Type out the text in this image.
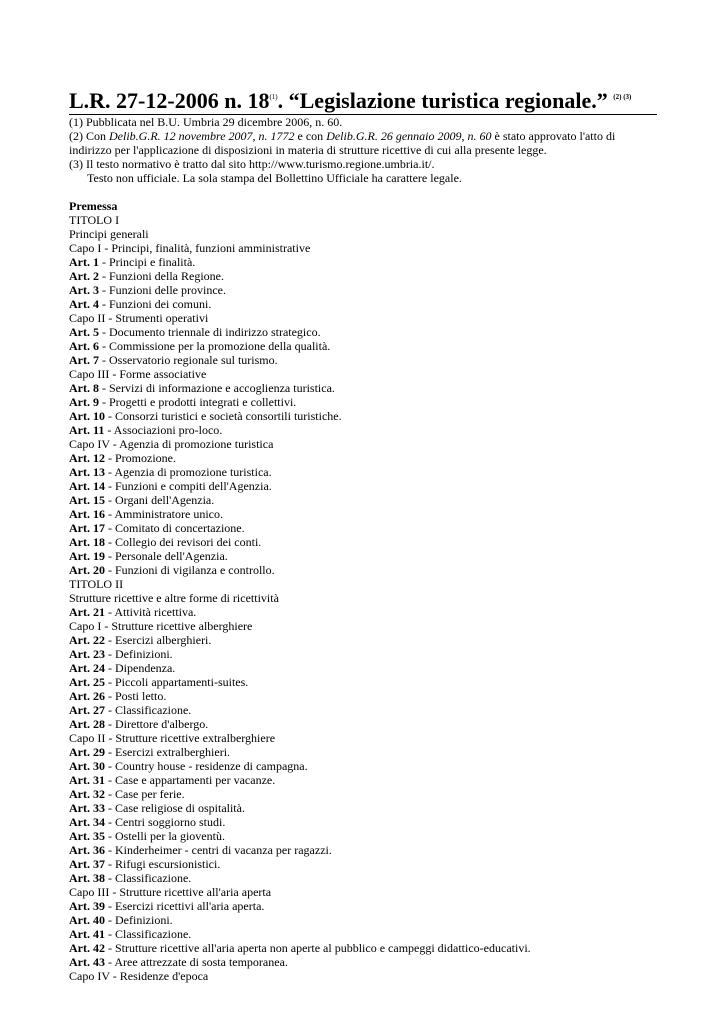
L.R. 27-12-2006 n. 18$^{(1)}$. “Legislazione turistica regionale.” $^{(2) (3)}$

(1) Pubblicata nel B.U. Umbria 29 dicembre 2006, n. 60.

(2) Con Delib.G.R. 12 novembre 2007, n. 1772 e con Delib.G.R. 26 gennaio 2009, n. 60 è stato approvato l'atto di indirizzo per l'applicazione di disposizioni in materia di strutture ricettive di cui alla presente legge.

(3) Il testo normativo è tratto dal sito http://www.turismo.regione.umbria.it/.

Testo non ufficiale. La sola stampa del Bollettino Ufficiale ha carattere legale.

Premessa
TITOLO I
Principi generali
Capo I - Principi, finalità, funzioni amministrative
Art. 1 - Principi e finalità.
Art. 2 - Funzioni della Regione.
Art. 3 - Funzioni delle province.
Art. 4 - Funzioni dei comuni.
Capo II - Strumenti operativi
Art. 5 - Documento triennale di indirizzo strategico.
Art. 6 - Commissione per la promozione della qualità.
Art. 7 - Osservatorio regionale sul turismo.
Capo III - Forme associative
Art. 8 - Servizi di informazione e accoglienza turistica.
Art. 9 - Progetti e prodotti integrati e collettivi.
Art. 10 - Consorzi turistici e società consortili turistiche.
Art. 11 - Associazioni pro-loco.
Capo IV - Agenzia di promozione turistica
Art. 12 - Promozione.
Art. 13 - Agenzia di promozione turistica.
Art. 14 - Funzioni e compiti dell'Agenzia.
Art. 15 - Organi dell'Agenzia.
Art. 16 - Amministratore unico.
Art. 17 - Comitato di concertazione.
Art. 18 - Collegio dei revisori dei conti.
Art. 19 - Personale dell'Agenzia.
Art. 20 - Funzioni di vigilanza e controllo.
TITOLO II
Strutture ricettive e altre forme di ricettività
Art. 21 - Attività ricettiva.
Capo I - Strutture ricettive alberghiere
Art. 22 - Esercizi alberghieri.
Art. 23 - Definizioni.
Art. 24 - Dipendenza.
Art. 25 - Piccoli appartamenti-suites.
Art. 26 - Posti letto.
Art. 27 - Classificazione.
Art. 28 - Direttore d'albergo.
Capo II - Strutture ricettive extralberghiere
Art. 29 - Esercizi extralberghieri.
Art. 30 - Country house - residenze di campagna.
Art. 31 - Case e appartamenti per vacanze.
Art. 32 - Case per ferie.
Art. 33 - Case religiose di ospitalità.
Art. 34 - Centri soggiorno studi.
Art. 35 - Ostelli per la gioventù.
Art. 36 - Kinderheimer - centri di vacanza per ragazzi.
Art. 37 - Rifugi escursionistici.
Art. 38 - Classificazione.
Capo III - Strutture ricettive all'aria aperta
Art. 39 - Esercizi ricettivi all'aria aperta.
Art. 40 - Definizioni.
Art. 41 - Classificazione.
Art. 42 - Strutture ricettive all'aria aperta non aperte al pubblico e campeggi didattico-educativi.
Art. 43 - Aree attrezzate di sosta temporanea.
Capo IV - Residenze d'epoca
